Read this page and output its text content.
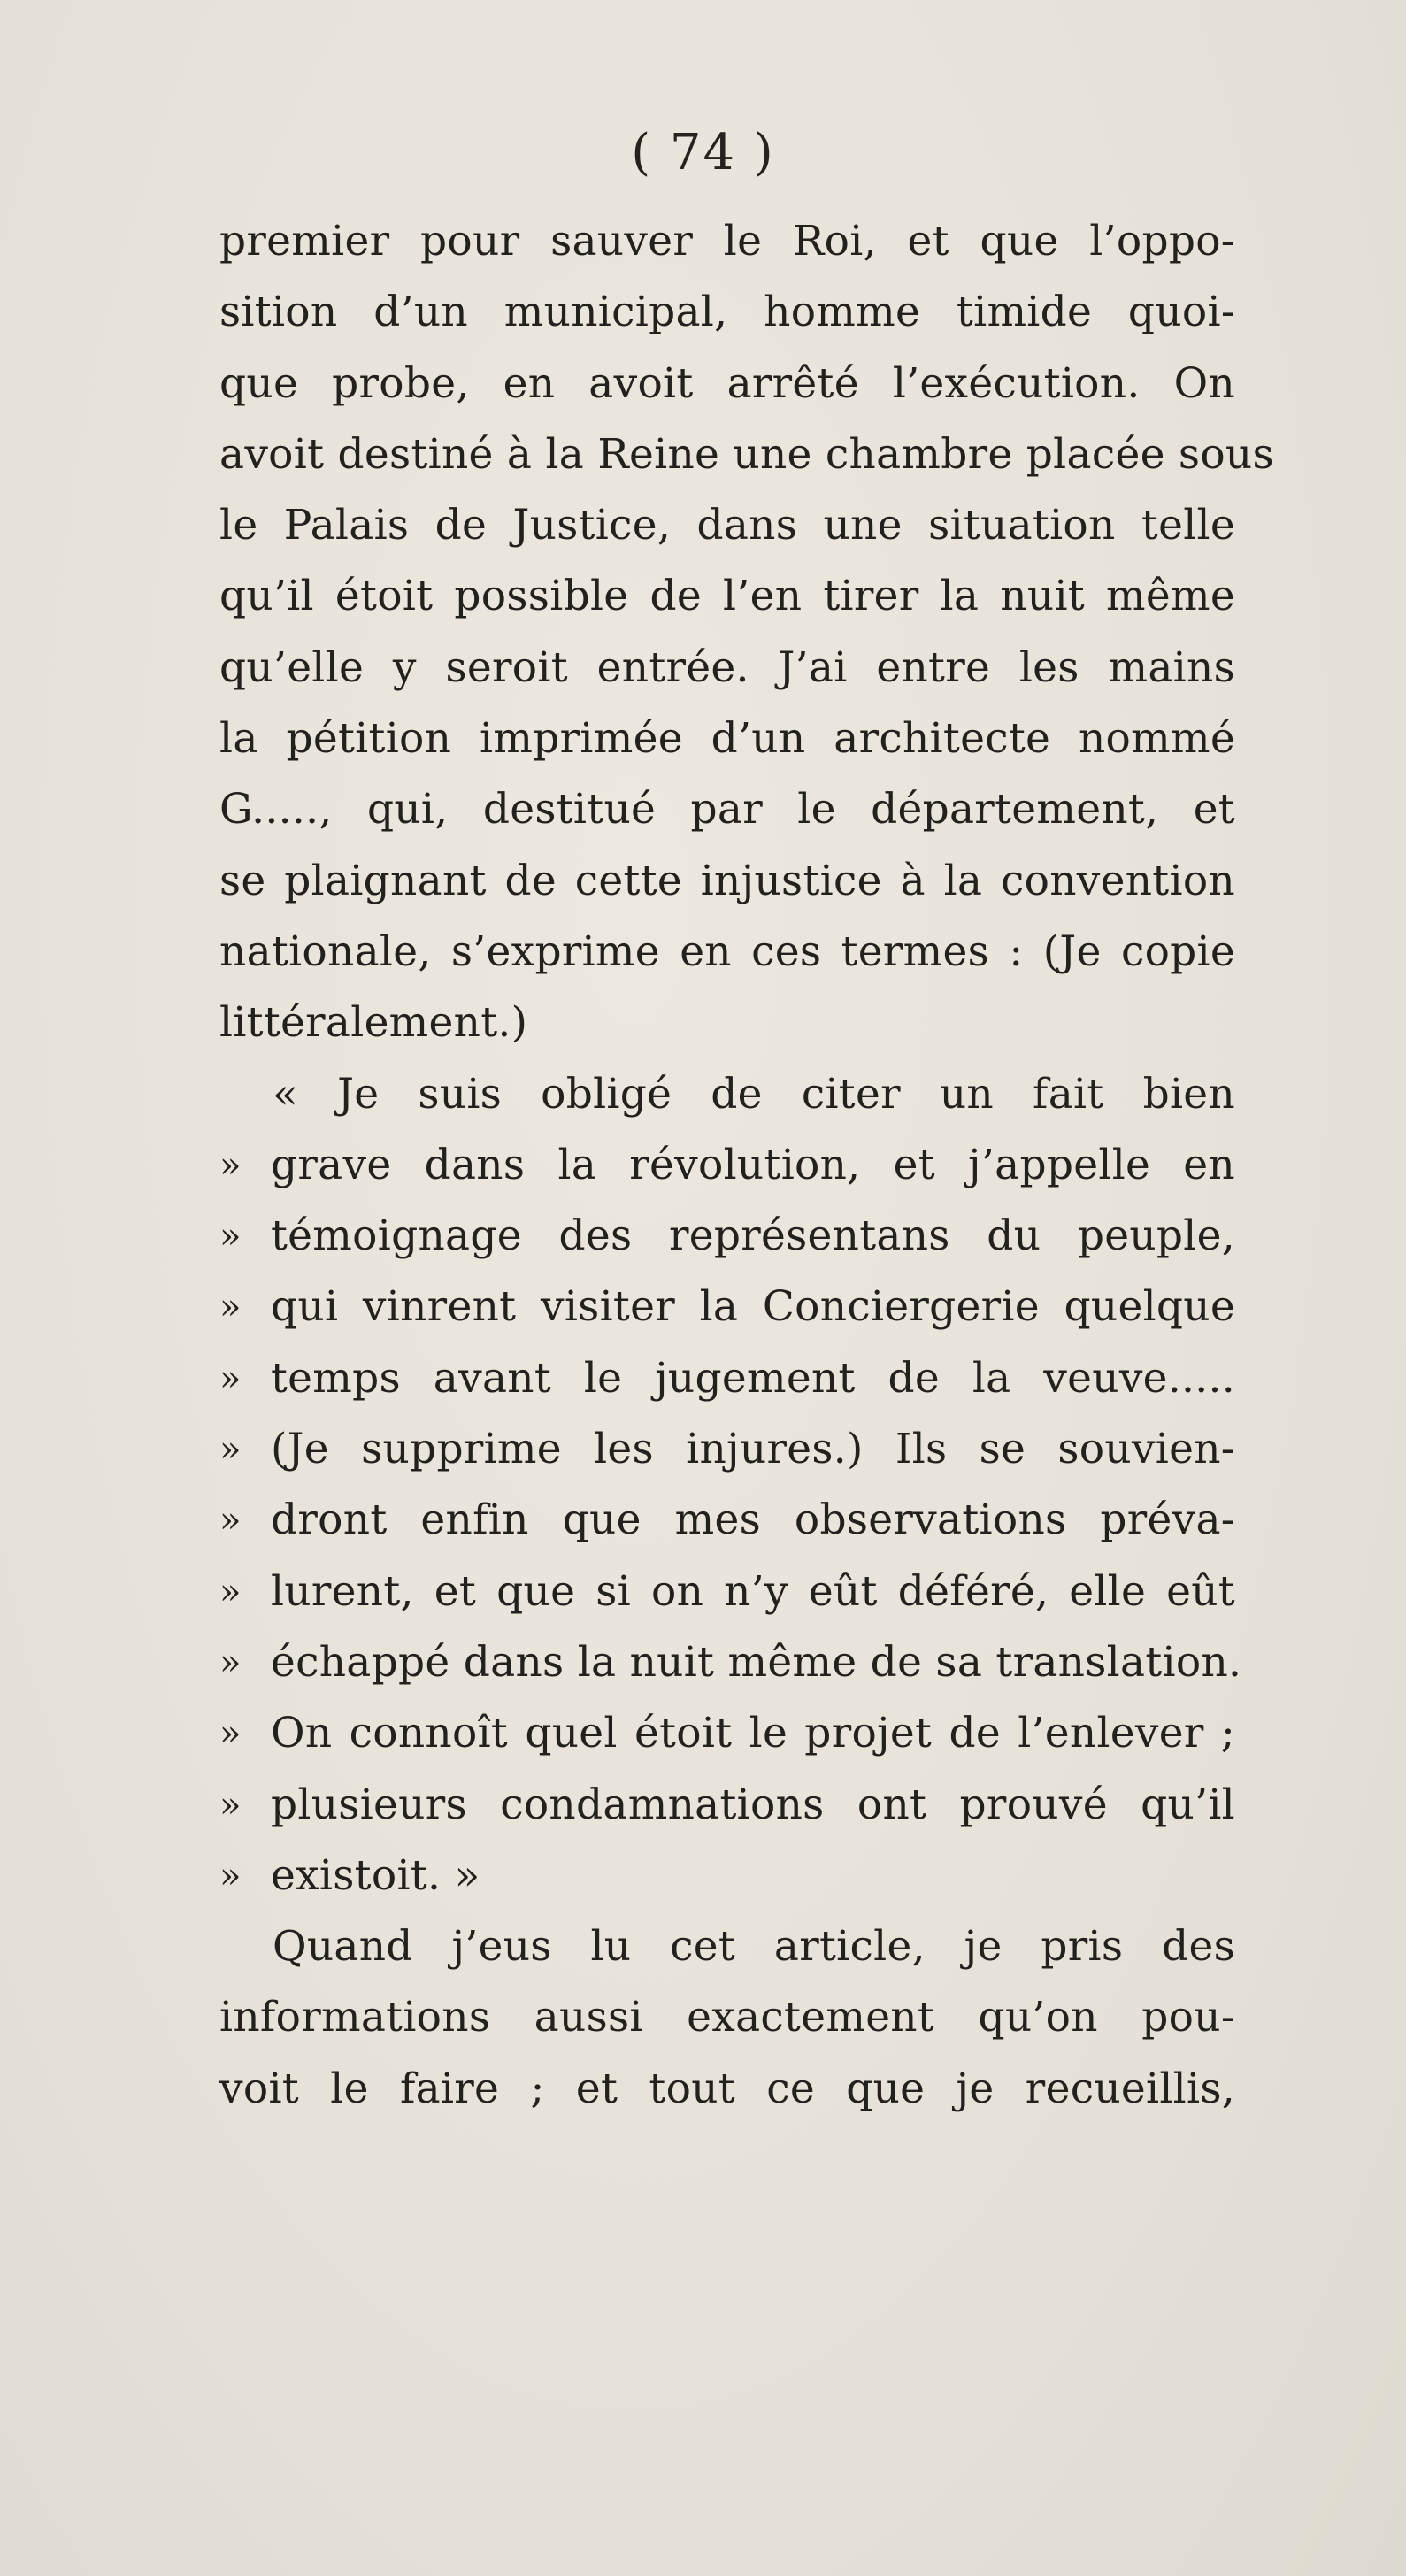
( 74 )
premier pour sauver le Roi, et que l’oppo-
sition d’un municipal, homme timide quoi-
que probe, en avoit arrêté l’exécution. On
avoit destiné à la Reine une chambre placée sous
le Palais de Justice, dans une situation telle
qu’il étoit possible de l’en tirer la nuit même
qu’elle y seroit entrée. J’ai entre les mains
la pétition imprimée d’un architecte nommé
G....., qui, destitué par le département, et
se plaignant de cette injustice à la convention
nationale, s’exprime en ces termes : (Je copie
littéralement.)
« Je suis obligé de citer un fait bien
» grave dans la révolution, et j’appelle en
» témoignage des représentans du peuple,
» qui vinrent visiter la Conciergerie quelque
» temps avant le jugement de la veuve.....
» (Je supprime les injures.) Ils se souvien-
» dront enfin que mes observations préva-
» lurent, et que si on n’y eût déféré, elle eût
» échappé dans la nuit même de sa translation.
» On connoît quel étoit le projet de l’enlever ;
» plusieurs condamnations ont prouvé qu’il
» existoit. »
Quand j’eus lu cet article, je pris des
informations aussi exactement qu’on pou-
voit le faire ; et tout ce que je recueillis,
